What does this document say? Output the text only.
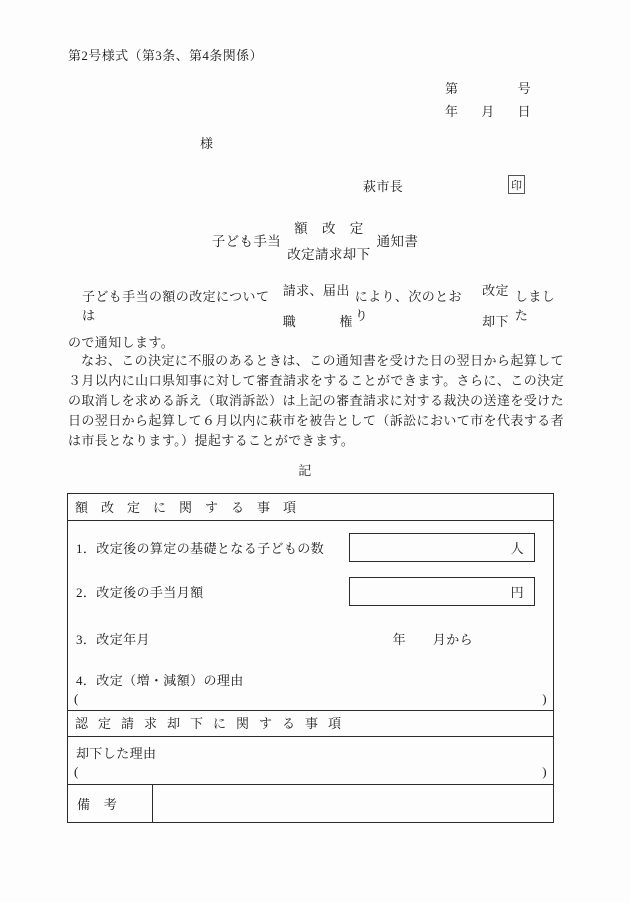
第2号様式（第3条、第4条関係）
第	号
年 月 日
様
萩市長	印
子ども手当
額　改　定
改定請求却下
通知書
子ども手当の額の改定については
請求、届出
職	権
により、次のとおり
改定
却下
しました
ので通知します。
なお、この決定に不服のあるときは、この通知書を受けた日の翌日から起算して３月以内に山口県知事に対して審査請求をすることができます。さらに、この決定の取消しを求める訴え（取消訴訟）は上記の審査請求に対する裁決の送達を受けた日の翌日から起算して６月以内に萩市を被告として（訴訟において市を代表する者は市長となります。）提起することができます。
記
額改定に関する事項
1．改定後の算定の基礎となる子どもの数	人
2．改定後の手当月額	円
3．改定年月	年　　月から
4．改定（増・減額）の理由
(	)
認定請求却下に関する事項
却下した理由
(	)
備　考
